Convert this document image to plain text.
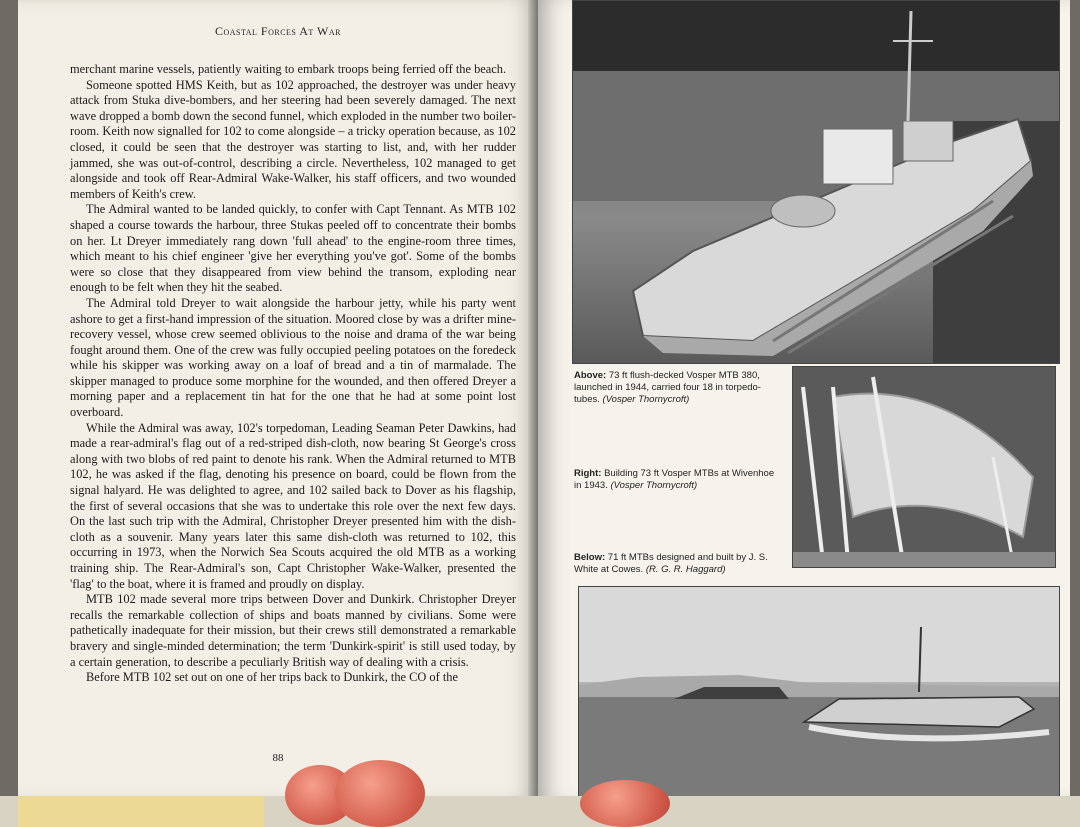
Coastal Forces At War

merchant marine vessels, patiently waiting to embark troops being ferried off the beach.

Someone spotted HMS Keith, but as 102 approached, the destroyer was under heavy attack from Stuka dive-bombers, and her steering had been severely damaged. The next wave dropped a bomb down the second funnel, which exploded in the number two boiler-room. Keith now signalled for 102 to come alongside – a tricky operation because, as 102 closed, it could be seen that the destroyer was starting to list, and, with her rudder jammed, she was out-of-control, describing a circle. Nevertheless, 102 managed to get alongside and took off Rear-Admiral Wake-Walker, his staff officers, and two wounded members of Keith's crew.

The Admiral wanted to be landed quickly, to confer with Capt Tennant. As MTB 102 shaped a course towards the harbour, three Stukas peeled off to concentrate their bombs on her. Lt Dreyer immediately rang down 'full ahead' to the engine-room three times, which meant to his chief engineer 'give her everything you've got'. Some of the bombs were so close that they disappeared from view behind the transom, exploding near enough to be felt when they hit the seabed.

The Admiral told Dreyer to wait alongside the harbour jetty, while his party went ashore to get a first-hand impression of the situation. Moored close by was a drifter mine-recovery vessel, whose crew seemed oblivious to the noise and drama of the war being fought around them. One of the crew was fully occupied peeling potatoes on the foredeck while his skipper was working away on a loaf of bread and a tin of marmalade. The skipper managed to produce some morphine for the wounded, and then offered Dreyer a morning paper and a replacement tin hat for the one that he had at some point lost overboard.

While the Admiral was away, 102's torpedoman, Leading Seaman Peter Dawkins, had made a rear-admiral's flag out of a red-striped dish-cloth, now bearing St George's cross along with two blobs of red paint to denote his rank. When the Admiral returned to MTB 102, he was asked if the flag, denoting his presence on board, could be flown from the signal halyard. He was delighted to agree, and 102 sailed back to Dover as his flagship, the first of several occasions that she was to undertake this role over the next few days. On the last such trip with the Admiral, Christopher Dreyer presented him with the dish-cloth as a souvenir. Many years later this same dish-cloth was returned to 102, this occurring in 1973, when the Norwich Sea Scouts acquired the old MTB as a working training ship. The Rear-Admiral's son, Capt Christopher Wake-Walker, presented the 'flag' to the boat, where it is framed and proudly on display.

MTB 102 made several more trips between Dover and Dunkirk. Christopher Dreyer recalls the remarkable collection of ships and boats manned by civilians. Some were pathetically inadequate for their mission, but their crews still demonstrated a remarkable bravery and single-minded determination; the term 'Dunkirk-spirit' is still used today, by a certain generation, to describe a peculiarly British way of dealing with a crisis.

Before MTB 102 set out on one of her trips back to Dunkirk, the CO of the

88
Above: 73 ft flush-decked Vosper MTB 380, launched in 1944, carried four 18 in torpedo-tubes. (Vosper Thornycroft)
Right: Building 73 ft Vosper MTBs at Wivenhoe in 1943. (Vosper Thornycroft)
Below: 71 ft MTBs designed and built by J. S. White at Cowes. (R. G. R. Haggard)
